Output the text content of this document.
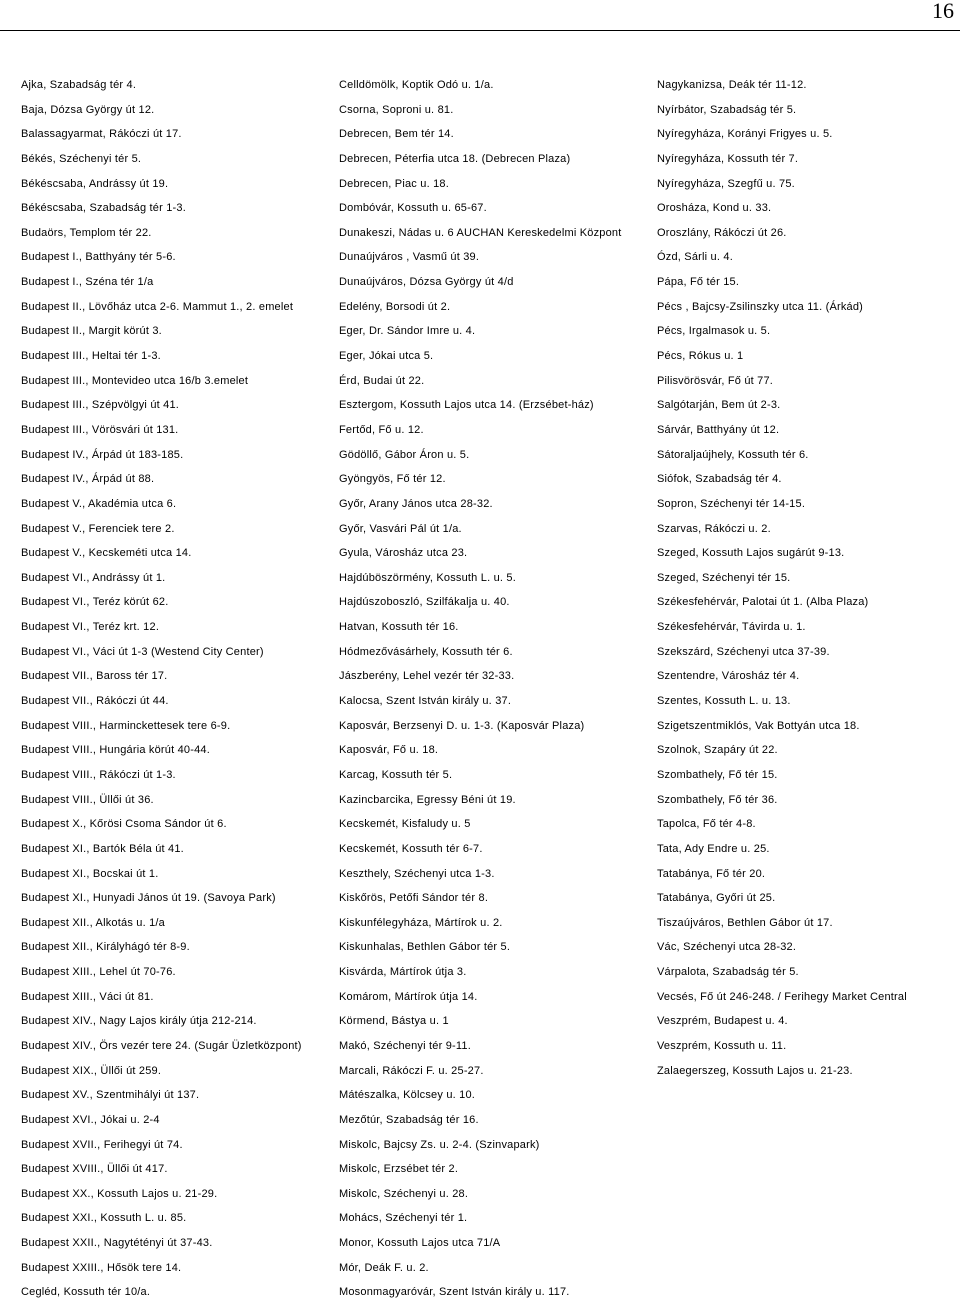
16
Ajka, Szabadság tér 4.
Baja, Dózsa György út 12.
Balassagyarmat, Rákóczi út 17.
Békés, Széchenyi tér 5.
Békéscsaba, Andrássy út 19.
Békéscsaba, Szabadság tér 1-3.
Budaörs, Templom tér 22.
Budapest I., Batthyány tér 5-6.
Budapest I., Széna tér 1/a
Budapest II., Lövőház utca 2-6. Mammut 1., 2. emelet
Budapest II., Margit körút 3.
Budapest III., Heltai tér 1-3.
Budapest III., Montevideo utca 16/b 3.emelet
Budapest III., Szépvölgyi út 41.
Budapest III., Vörösvári út 131.
Budapest IV., Árpád út 183-185.
Budapest IV., Árpád út 88.
Budapest V., Akadémia utca 6.
Budapest V., Ferenciek tere 2.
Budapest V., Kecskeméti utca 14.
Budapest VI., Andrássy út 1.
Budapest VI., Teréz körút 62.
Budapest VI., Teréz krt. 12.
Budapest VI., Váci út 1-3 (Westend City Center)
Budapest VII., Baross tér 17.
Budapest VII., Rákóczi út 44.
Budapest VIII., Harminckettesek tere 6-9.
Budapest VIII., Hungária körút 40-44.
Budapest VIII., Rákóczi út 1-3.
Budapest VIII., Üllői út 36.
Budapest X., Kőrösi Csoma Sándor út 6.
Budapest XI., Bartók Béla út 41.
Budapest XI., Bocskai út 1.
Budapest XI., Hunyadi János út 19. (Savoya Park)
Budapest XII., Alkotás u. 1/a
Budapest XII., Királyhágó tér 8-9.
Budapest XIII., Lehel út 70-76.
Budapest XIII., Váci út 81.
Budapest XIV., Nagy Lajos király útja 212-214.
Budapest XIV., Örs vezér tere 24. (Sugár Üzletközpont)
Budapest XIX., Üllői út 259.
Budapest XV., Szentmihályi út 137.
Budapest XVI., Jókai u. 2-4
Budapest XVII., Ferihegyi út 74.
Budapest XVIII., Üllői út 417.
Budapest XX., Kossuth Lajos u. 21-29.
Budapest XXI., Kossuth L. u. 85.
Budapest XXII., Nagytétényi út 37-43.
Budapest XXIII., Hősök tere 14.
Cegléd, Kossuth tér 10/a.
Celldömölk, Koptik Odó u. 1/a.
Csorna, Soproni u. 81.
Debrecen, Bem tér 14.
Debrecen, Péterfia utca 18. (Debrecen Plaza)
Debrecen, Piac u. 18.
Dombóvár, Kossuth u. 65-67.
Dunakeszi, Nádas u. 6 AUCHAN Kereskedelmi Központ
Dunaújváros , Vasmű út 39.
Dunaújváros, Dózsa György út 4/d
Edelény, Borsodi út 2.
Eger, Dr. Sándor Imre u. 4.
Eger, Jókai utca 5.
Érd, Budai út 22.
Esztergom, Kossuth Lajos utca 14. (Erzsébet-ház)
Fertőd, Fő u. 12.
Gödöllő, Gábor Áron u. 5.
Gyöngyös, Fő tér 12.
Győr, Arany János utca 28-32.
Győr, Vasvári Pál út 1/a.
Gyula, Városház utca 23.
Hajdúböszörmény, Kossuth L. u. 5.
Hajdúszoboszló, Szilfákalja u. 40.
Hatvan, Kossuth tér 16.
Hódmezővásárhely, Kossuth tér 6.
Jászberény, Lehel vezér tér 32-33.
Kalocsa, Szent István király u. 37.
Kaposvár, Berzsenyi D. u. 1-3. (Kaposvár Plaza)
Kaposvár, Fő u. 18.
Karcag, Kossuth tér 5.
Kazincbarcika, Egressy Béni út 19.
Kecskemét, Kisfaludy u. 5
Kecskemét, Kossuth tér 6-7.
Keszthely, Széchenyi utca 1-3.
Kiskőrös, Petőfi Sándor tér 8.
Kiskunfélegyháza, Mártírok u. 2.
Kiskunhalas, Bethlen Gábor tér 5.
Kisvárda, Mártírok útja 3.
Komárom, Mártírok útja 14.
Körmend, Bástya u. 1
Makó, Széchenyi tér 9-11.
Marcali, Rákóczi F. u. 25-27.
Mátészalka, Kölcsey u. 10.
Mezőtúr, Szabadság tér 16.
Miskolc, Bajcsy Zs. u. 2-4. (Szinvapark)
Miskolc, Erzsébet tér 2.
Miskolc, Széchenyi u. 28.
Mohács, Széchenyi tér 1.
Monor, Kossuth Lajos utca 71/A
Mór, Deák F. u. 2.
Mosonmagyaróvár, Szent István király u. 117.
Nagykanizsa, Deák tér 11-12.
Nyírbátor, Szabadság tér 5.
Nyíregyháza, Korányi Frigyes u. 5.
Nyíregyháza, Kossuth tér 7.
Nyíregyháza, Szegfű u. 75.
Orosháza, Kond u. 33.
Oroszlány, Rákóczi út 26.
Ózd, Sárli u. 4.
Pápa, Fő tér 15.
Pécs , Bajcsy-Zsilinszky utca 11. (Árkád)
Pécs, Irgalmasok u. 5.
Pécs, Rókus u. 1
Pilisvörösvár, Fő út 77.
Salgótarján, Bem út 2-3.
Sárvár, Batthyány út 12.
Sátoraljaújhely, Kossuth tér 6.
Siófok, Szabadság tér 4.
Sopron, Széchenyi tér 14-15.
Szarvas, Rákóczi u. 2.
Szeged, Kossuth Lajos sugárút 9-13.
Szeged, Széchenyi tér 15.
Székesfehérvár, Palotai út 1. (Alba Plaza)
Székesfehérvár, Távirda u. 1.
Szekszárd, Széchenyi utca 37-39.
Szentendre, Városház tér 4.
Szentes, Kossuth L. u. 13.
Szigetszentmiklós, Vak Bottyán utca 18.
Szolnok, Szapáry út 22.
Szombathely, Fő tér 15.
Szombathely, Fő tér 36.
Tapolca, Fő tér 4-8.
Tata, Ady Endre u. 25.
Tatabánya, Fő tér 20.
Tatabánya, Győri út 25.
Tiszaújváros, Bethlen Gábor út 17.
Vác, Széchenyi utca 28-32.
Várpalota, Szabadság tér 5.
Vecsés, Fő út 246-248. / Ferihegy Market Central
Veszprém, Budapest u. 4.
Veszprém, Kossuth u. 11.
Zalaegerszeg, Kossuth Lajos u. 21-23.
